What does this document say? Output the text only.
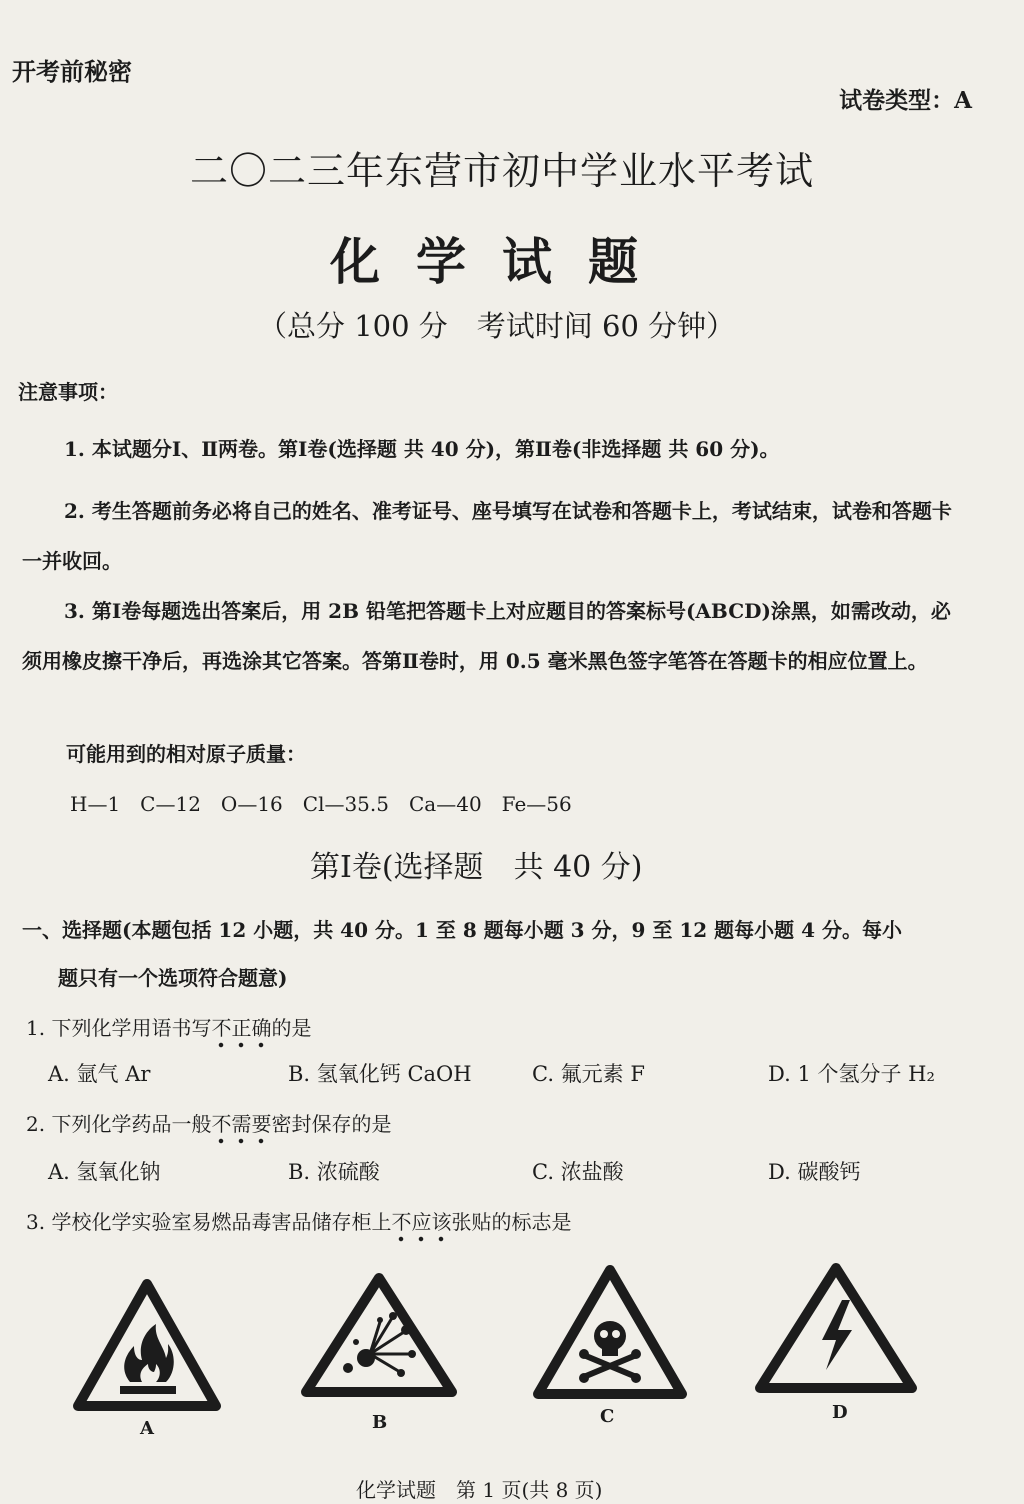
开考前秘密
试卷类型：A
二〇二三年东营市初中学业水平考试
化学试题
（总分 100 分　考试时间 60 分钟）
注意事项：
1. 本试题分Ⅰ、Ⅱ两卷。第Ⅰ卷(选择题 共 40 分)，第Ⅱ卷(非选择题 共 60 分)。
2. 考生答题前务必将自己的姓名、准考证号、座号填写在试卷和答题卡上，考试结束，试卷和答题卡一并收回。
3. 第Ⅰ卷每题选出答案后，用 2B 铅笔把答题卡上对应题目的答案标号(ABCD)涂黑，如需改动，必须用橡皮擦干净后，再选涂其它答案。答第Ⅱ卷时，用 0.5 毫米黑色签字笔答在答题卡的相应位置上。
可能用到的相对原子质量：
H—1　C—12　O—16　Cl—35.5　Ca—40　Fe—56
第Ⅰ卷(选择题　共 40 分)
一、选择题(本题包括 12 小题，共 40 分。1 至 8 题每小题 3 分，9 至 12 题每小题 4 分。每小
题只有一个选项符合题意)
1. 下列化学用语书写不正确的是
A. 氩气 Ar	B. 氢氧化钙 CaOH	C. 氟元素 F	D. 1 个氢分子 H₂
2. 下列化学药品一般不需要密封保存的是
A. 氢氧化钠	B. 浓硫酸	C. 浓盐酸	D. 碳酸钙
3. 学校化学实验室易燃品毒害品储存柜上不应该张贴的标志是
A	B	C	D
化学试题　第 1 页(共 8 页)
